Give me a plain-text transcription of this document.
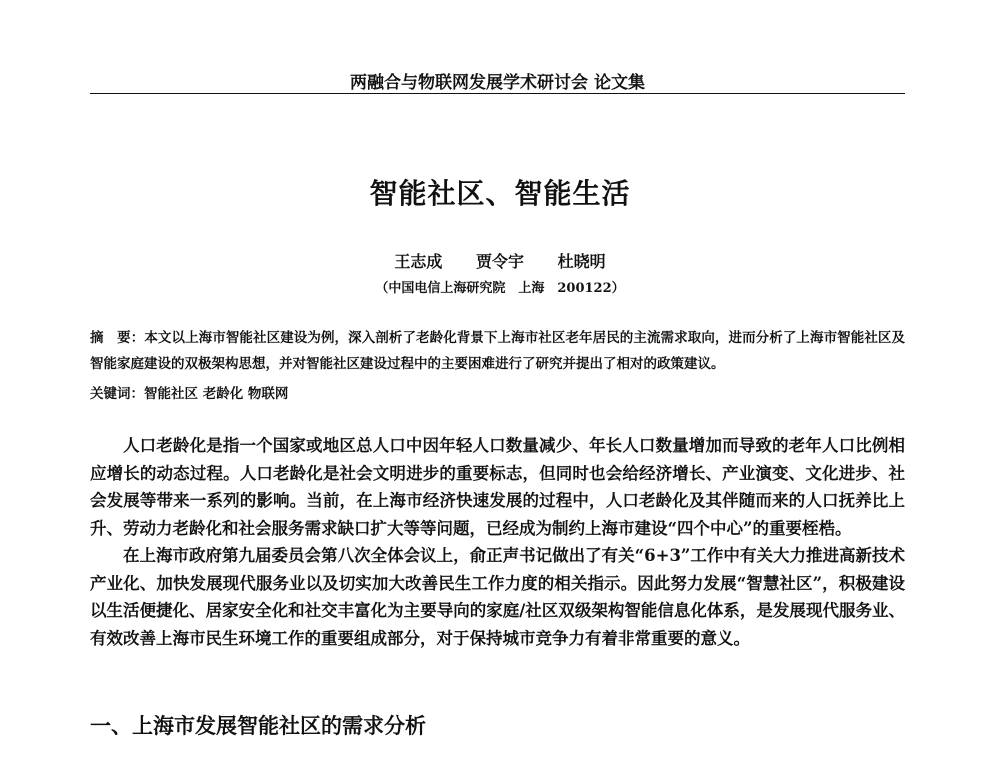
两融合与物联网发展学术研讨会 论文集
智能社区、智能生活
王志成 贾令宇 杜晓明
（中国电信上海研究院　上海　200122）
摘　要：本文以上海市智能社区建设为例，深入剖析了老龄化背景下上海市社区老年居民的主流需求取向，进而分析了上海市智能社区及智能家庭建设的双极架构思想，并对智能社区建设过程中的主要困难进行了研究并提出了相对的政策建议。
关键词：智能社区 老龄化 物联网

人口老龄化是指一个国家或地区总人口中因年轻人口数量减少、年长人口数量增加而导致的老年人口比例相应增长的动态过程。人口老龄化是社会文明进步的重要标志，但同时也会给经济增长、产业演变、文化进步、社会发展等带来一系列的影响。当前，在上海市经济快速发展的过程中，人口老龄化及其伴随而来的人口抚养比上升、劳动力老龄化和社会服务需求缺口扩大等等问题，已经成为制约上海市建设“四个中心”的重要桎梏。

在上海市政府第九届委员会第八次全体会议上，俞正声书记做出了有关“6+3”工作中有关大力推进高新技术产业化、加快发展现代服务业以及切实加大改善民生工作力度的相关指示。因此努力发展“智慧社区”，积极建设以生活便捷化、居家安全化和社交丰富化为主要导向的家庭/社区双级架构智能信息化体系，是发展现代服务业、有效改善上海市民生环境工作的重要组成部分，对于保持城市竞争力有着非常重要的意义。

一、上海市发展智能社区的需求分析
